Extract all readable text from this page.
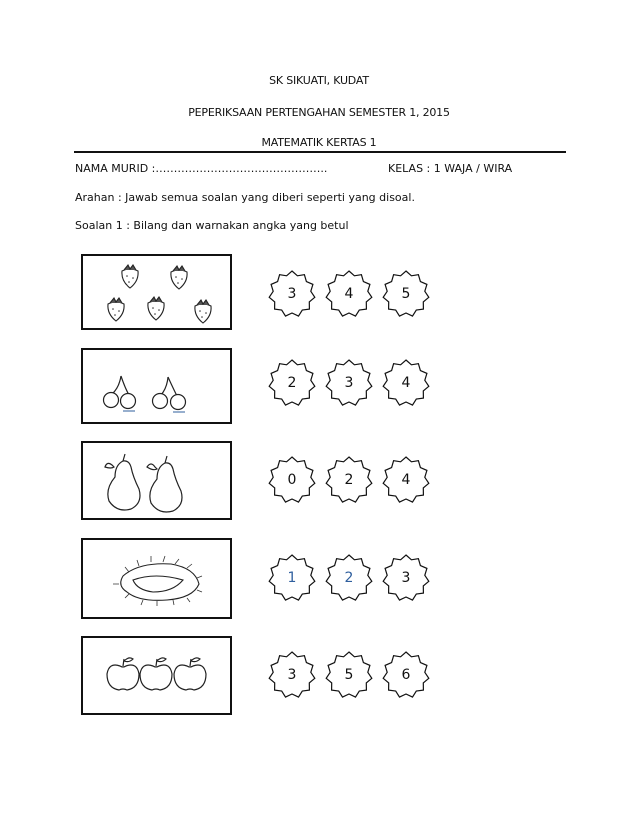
SK SIKUATI, KUDAT
PEPERIKSAAN PERTENGAHAN SEMESTER 1, 2015
MATEMATIK KERTAS 1
NAMA MURID :………………………………………..	KELAS : 1 WAJA / WIRA
Arahan : Jawab semua soalan yang diberi seperti yang disoal.
Soalan 1 : Bilang dan warnakan angka yang betul
3	4	5
2	3	4
0	2	4
1	2	3
3	5	6
